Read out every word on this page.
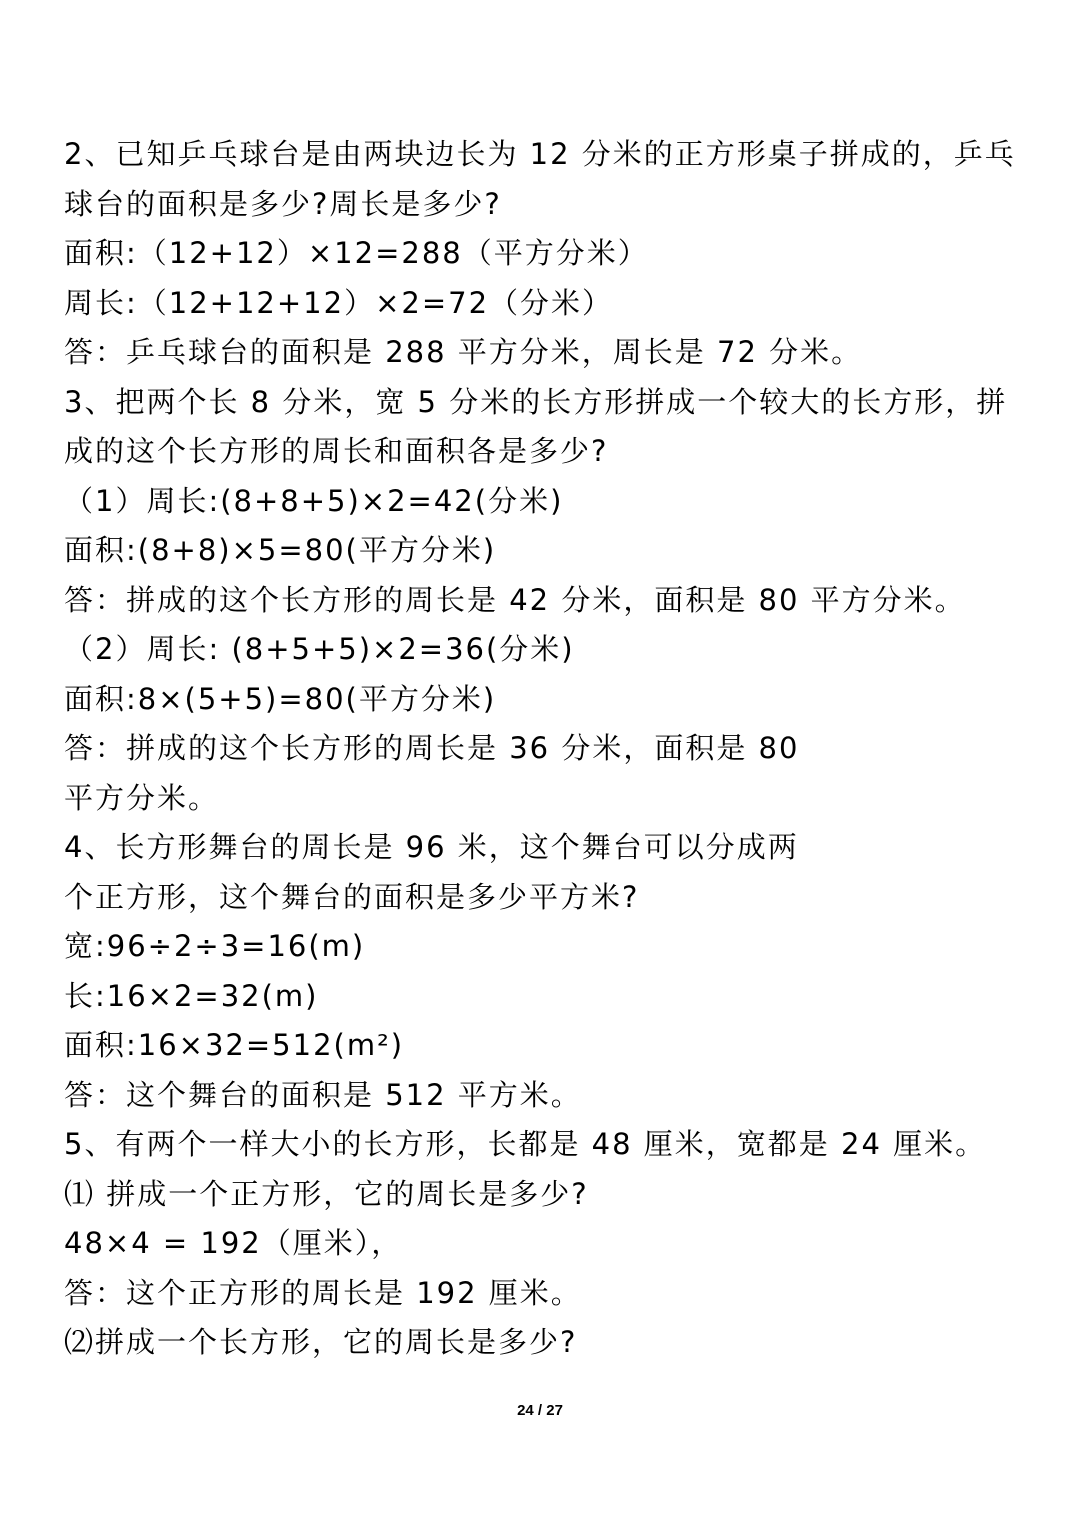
2、已知乒乓球台是由两块边长为 12 分米的正方形桌子拼成的，乒乓
球台的面积是多少?周长是多少?
面积:（12+12）×12=288（平方分米）
周长:（12+12+12）×2=72（分米）
答：乒乓球台的面积是 288 平方分米，周长是 72 分米。
3、把两个长 8 分米，宽 5 分米的长方形拼成一个较大的长方形，拼
成的这个长方形的周长和面积各是多少?
（1）周长:(8+8+5)×2=42(分米)
面积:(8+8)×5=80(平方分米)
答：拼成的这个长方形的周长是 42 分米，面积是 80 平方分米。
（2）周长: (8+5+5)×2=36(分米)
面积:8×(5+5)=80(平方分米)
答：拼成的这个长方形的周长是 36 分米，面积是 80
平方分米。
4、长方形舞台的周长是 96 米，这个舞台可以分成两
个正方形，这个舞台的面积是多少平方米?
宽:96÷2÷3=16(m)
长:16×2=32(m)
面积:16×32=512(m²)
答：这个舞台的面积是 512 平方米。
5、有两个一样大小的长方形，长都是 48 厘米，宽都是 24 厘米。
⑴ 拼成一个正方形，它的周长是多少?
48×4 = 192（厘米），
答：这个正方形的周长是 192 厘米。
⑵拼成一个长方形，它的周长是多少?
24 / 27
